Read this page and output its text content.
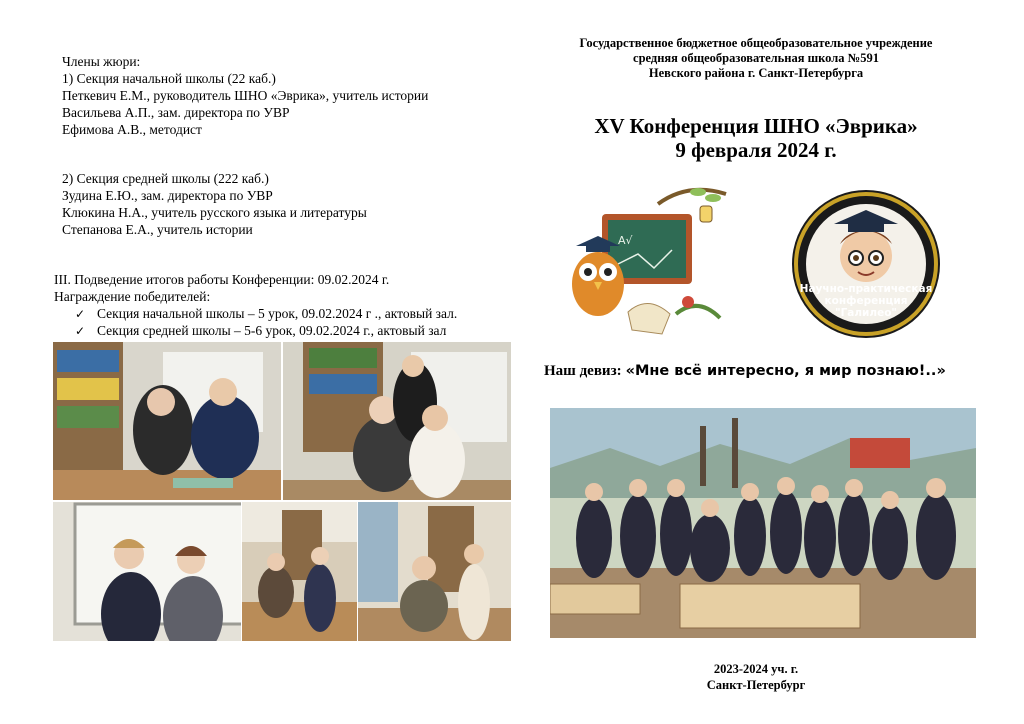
Члены жюри:
1) Секция начальной школы (22 каб.)
Петкевич Е.М., руководитель ШНО «Эврика», учитель истории
Васильева А.П., зам. директора по УВР
Ефимова А.В., методист
2) Секция средней школы (222 каб.)
Зудина Е.Ю., зам. директора по УВР
Клюкина Н.А., учитель русского языка и литературы
Степанова Е.А., учитель истории
III. Подведение итогов работы Конференции: 09.02.2024 г.
Награждение победителей:
✓ Секция начальной школы – 5 урок, 09.02.2024 г ., актовый зал.
✓ Секция средней школы – 5-6 урок, 09.02.2024 г., актовый зал
Государственное бюджетное общеобразовательное учреждение
средняя общеобразовательная школа №591
Невского района г. Санкт-Петербурга
XV Конференция ШНО «Эврика»
9 февраля 2024 г.
A√
Научно-практическая
конференция
"Галилео"
Наш девиз: «Мне всё интересно, я мир познаю!..»
2023-2024 уч. г.
Санкт-Петербург
